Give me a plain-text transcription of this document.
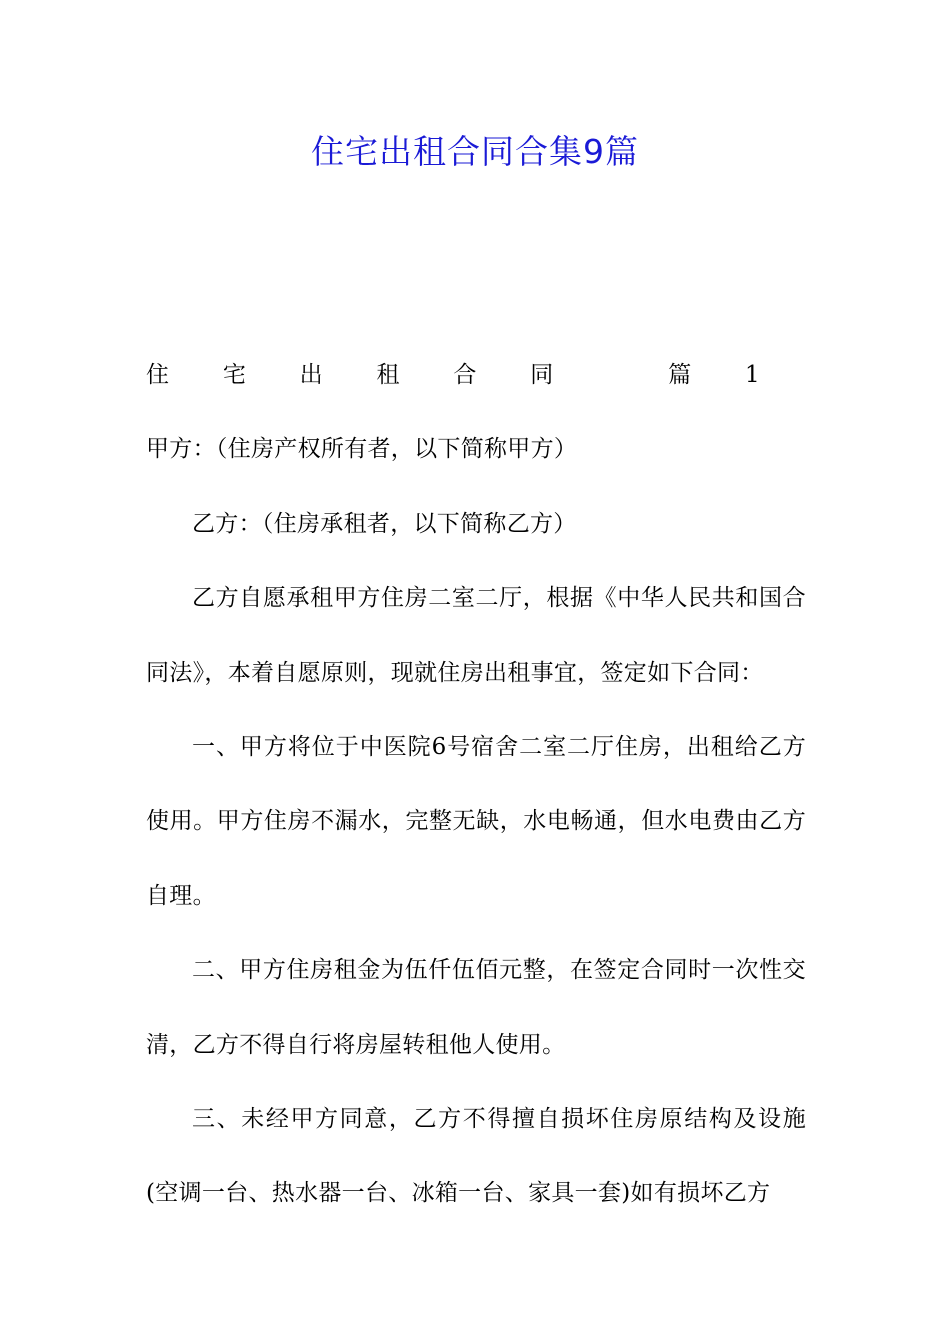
住宅出租合同合集9篇

住宅出租合同 篇1甲方：（住房产权所有者，以下简称甲方）

乙方：（住房承租者，以下简称乙方）

乙方自愿承租甲方住房二室二厅，根据《中华人民共和国合同法》，本着自愿原则，现就住房出租事宜，签定如下合同：

一、甲方将位于中医院6号宿舍二室二厅住房，出租给乙方使用。甲方住房不漏水，完整无缺，水电畅通，但水电费由乙方自理。

二、甲方住房租金为伍仟伍佰元整，在签定合同时一次性交清，乙方不得自行将房屋转租他人使用。

三、未经甲方同意，乙方不得擅自损坏住房原结构及设施(空调一台、热水器一台、冰箱一台、家具一套)如有损坏乙方
